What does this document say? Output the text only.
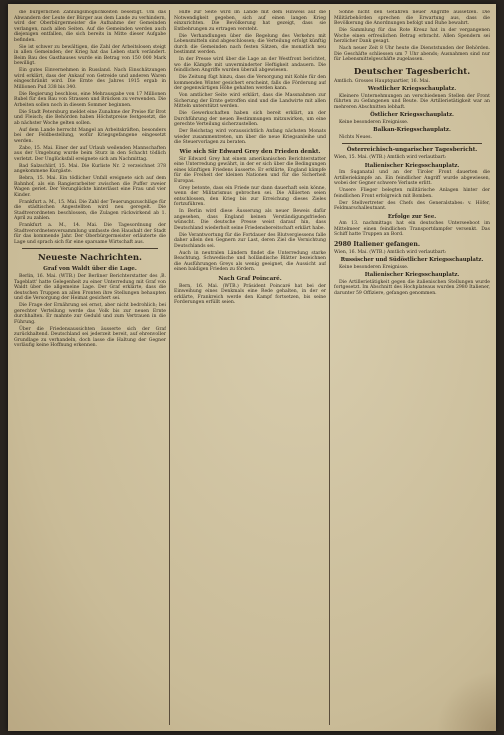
die bürgerlichen Zahlungsmöglichkeiten beseitigt. Um das Abwandern der Leute der Bürger aus dem Lande zu verhindern, wird der Oberbürgermeister die Aufnahme der Gemeinden verlangen, nach allen Seiten. Auf die Gemeinden werden auch diejenigen entfallen, die sich bereits in Mitte dieser Aufgabe befinden.

Sie ist schwer zu bewältigen, die Zahl der Arbeitslosen steigt in allen Gemeinden; der Krieg hat das Leben stark verändert. Beim Bau des Gasthauses wurde ein Betrag von 150 000 Mark bewilligt.

Ein gutes Einvernehmen in Russland. Nach Einschätzungen wird erklärt, dass der Ankauf von Getreide und anderen Waren eingeschränkt wird. Die Ernte des Jahres 1915 ergab in Millionen Pud 338 bis 340.

Die Regierung beschloss, eine Mehrausgabe von 17 Millionen Rubel für den Bau von Strassen und Brücken zu verwenden. Die Arbeiten sollen noch in diesem Sommer beginnen.

Die Stadt Petersburg meldet eine Zunahme der Preise für Brot und Fleisch; die Behörden haben Höchstpreise festgesetzt, die ab nächster Woche gelten sollen.

Auf dem Lande herrscht Mangel an Arbeitskräften, besonders bei der Feldbestellung, wofür Kriegsgefangene eingesetzt werden.

Zabo, 15. Mai. Einer der auf Urlaub weilenden Mannschaften aus der Umgebung wurde beim Sturz in den Schacht tödlich verletzt. Der Unglücksfall ereignete sich am Nachmittag.

Bad Salzschlirf, 15. Mai. Die Kurliste Nr. 2 verzeichnet 378 angekommene Kurgäste.

Bebra, 15. Mai. Ein tödlicher Unfall ereignete sich auf dem Bahnhof, als ein Rangierarbeiter zwischen die Puffer zweier Wagen geriet. Der Verunglückte hinterlässt eine Frau und vier Kinder.

Frankfurt a. M., 15. Mai. Die Zahl der Teuerungszuschläge für die städtischen Angestellten wird neu geregelt. Die Stadtverordneten beschlossen, die Zulagen rückwirkend ab 1. April zu zahlen.

Frankfurt a. M., 14. Mai. Die Tagesordnung der Stadtverordnetenversammlung umfasste den Haushalt der Stadt für das kommende Jahr. Der Oberbürgermeister erläuterte die Lage und sprach sich für eine sparsame Wirtschaft aus.

Neueste Nachrichten.
Graf von Waldt über die Lage.

Berlin, 16. Mai. (WTB.) Der Berliner Berichterstatter des ‚B. Tageblatt' hatte Gelegenheit zu einer Unterredung mit Graf von Waldt über die allgemeine Lage. Der Graf erklärte, dass die deutschen Truppen an allen Fronten ihre Stellungen behaupten und die Versorgung der Heimat gesichert sei.

Die Frage der Ernährung sei ernst, aber nicht bedrohlich; bei gerechter Verteilung werde das Volk bis zur neuen Ernte durchhalten. Er mahnte zur Geduld und zum Vertrauen in die Führung.

Über die Friedensaussichten äusserte sich der Graf zurückhaltend. Deutschland sei jederzeit bereit, auf ehrenvoller Grundlage zu verhandeln, doch lasse die Haltung der Gegner vorläufig keine Hoffnung erkennen.

Hilfe zur Seite wird im Lande mit dem Hinweis auf die Notwendigkeit gegeben, sich auf einen langen Krieg einzurichten. Die Bevölkerung hat gezeigt, dass sie Entbehrungen zu ertragen versteht.

Die Verhandlungen über die Regelung des Verkehrs mit Lebensmitteln sind abgeschlossen; die Verteilung erfolgt künftig durch die Gemeinden nach festen Sätzen, die monatlich neu bestimmt werden.

In der Presse wird über die Lage an der Westfront berichtet, wo die Kämpfe mit unverminderter Heftigkeit andauern. Die feindlichen Angriffe wurden überall abgewiesen.

Die Zeitung fügt hinzu, dass die Versorgung mit Kohle für den kommenden Winter gesichert erscheint, falls die Förderung auf der gegenwärtigen Höhe gehalten werden kann.

Von amtlicher Seite wird erklärt, dass die Massnahmen zur Sicherung der Ernte getroffen sind und die Landwirte mit allen Mitteln unterstützt werden.

Die Gewerkschaften haben sich bereit erklärt, an der Durchführung der neuen Bestimmungen mitzuwirken, um eine gerechte Verteilung sicherzustellen.

Der Reichstag wird voraussichtlich Anfang nächsten Monats wieder zusammentreten, um über die neue Kriegsanleihe und die Steuervorlagen zu beraten.

Wie sich Sir Edward Grey den Frieden denkt.

Sir Edward Grey hat einem amerikanischen Berichterstatter eine Unterredung gewährt, in der er sich über die Bedingungen eines künftigen Friedens äusserte. Er erklärte, England kämpfe für die Freiheit der kleinen Nationen und für die Sicherheit Europas.

Grey betonte, dass ein Friede nur dann dauerhaft sein könne, wenn der Militarismus gebrochen sei. Die Alliierten seien entschlossen, den Krieg bis zur Erreichung dieses Zieles fortzuführen.

In Berlin wird diese Äusserung als neuer Beweis dafür angesehen, dass England keinen Verständigungsfrieden wünscht. Die deutsche Presse weist darauf hin, dass Deutschland wiederholt seine Friedensbereitschaft erklärt habe.

Die Verantwortung für die Fortdauer des Blutvergiessens falle daher allein den Gegnern zur Last, deren Ziel die Vernichtung Deutschlands sei.

Auch in neutralen Ländern findet die Unterredung starke Beachtung. Schwedische und holländische Blätter bezeichnen die Ausführungen Greys als wenig geeignet, die Aussicht auf einen baldigen Frieden zu fördern.

Nach Graf Poincaré.

Bern, 16. Mai. (WTB.) Präsident Poincaré hat bei der Einweihung eines Denkmals eine Rede gehalten, in der er erklärte, Frankreich werde den Kampf fortsetzen, bis seine Forderungen erfüllt seien.

Söhne nicht den Gefahren neuer Angriffe aussetzen. Die Militärbehörden sprechen die Erwartung aus, dass die Bevölkerung die Anordnungen befolgt und Ruhe bewahrt.

Die Sammlung für das Rote Kreuz hat in der vergangenen Woche einen erfreulichen Betrag erbracht. Allen Spendern sei herzlicher Dank gesagt.

Nach neuer Zeit 8 Uhr heute die Dienststunden der Behörden. Die Geschäfte schliessen um 7 Uhr abends; Ausnahmen sind nur für Lebensmittelgeschäfte zugelassen.

Deutscher Tagesbericht.

Amtlich. Grosses Hauptquartier, 16. Mai.

Westlicher Kriegsschauplatz.

Kleinere Unternehmungen an verschiedenen Stellen der Front führten zu Gefangenen und Beute. Die Artillerietätigkeit war an mehreren Abschnitten lebhaft.

Östlicher Kriegsschauplatz.

Keine besonderen Ereignisse.

Balkan-Kriegsschauplatz.

Nichts Neues.

Österreichisch-ungarischer Tagesbericht.

Wien, 15. Mai. (WTB.) Amtlich wird verlautbart:

Italienischer Kriegsschauplatz.

Im Suganatal und an der Tiroler Front dauerten die Artilleriekämpfe an. Ein feindlicher Angriff wurde abgewiesen, wobei der Gegner schwere Verluste erlitt.

Unsere Flieger belegten militärische Anlagen hinter der feindlichen Front erfolgreich mit Bomben.

Der Stellvertreter des Chefs des Generalstabes: v. Höfer, Feldmarschalleutnant.

Erfolge zur See.

Am 13. nachmittags hat ein deutsches Unterseeboot im Mittelmeer einen feindlichen Transportdampfer versenkt. Das Schiff hatte Truppen an Bord.

2980 Italiener gefangen.

Wien, 16. Mai. (WTB.) Amtlich wird verlautbart:

Russischer und Südöstlicher Kriegsschauplatz.

Keine besonderen Ereignisse.

Italienischer Kriegsschauplatz.

Die Artillerietätigkeit gegen die italienischen Stellungen wurde fortgesetzt. Im Abschnitt des Hochplateaus wurden 2980 Italiener, darunter 59 Offiziere, gefangen genommen.
